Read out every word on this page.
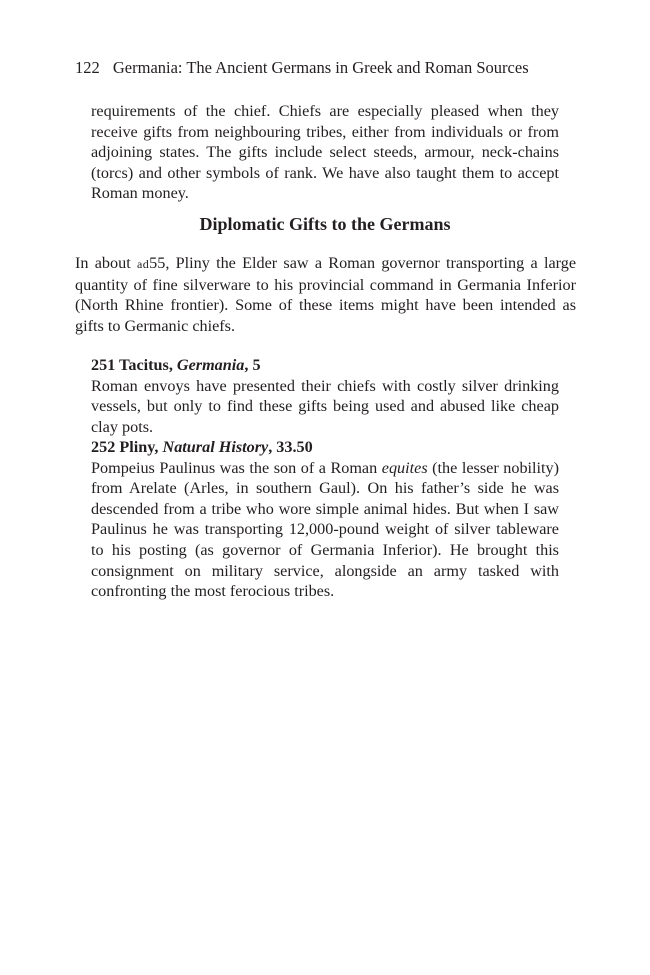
122 Germania: The Ancient Germans in Greek and Roman Sources

requirements of the chief. Chiefs are especially pleased when they receive gifts from neighbouring tribes, either from individuals or from adjoining states. The gifts include select steeds, armour, neck-chains (torcs) and other symbols of rank. We have also taught them to accept Roman money.

Diplomatic Gifts to the Germans

In about ad55, Pliny the Elder saw a Roman governor transporting a large quantity of fine silverware to his provincial command in Germania Inferior (North Rhine frontier). Some of these items might have been intended as gifts to Germanic chiefs.

251 Tacitus, Germania, 5

Roman envoys have presented their chiefs with costly silver drinking vessels, but only to find these gifts being used and abused like cheap clay pots.

252 Pliny, Natural History, 33.50

Pompeius Paulinus was the son of a Roman equites (the lesser nobility) from Arelate (Arles, in southern Gaul). On his father’s side he was descended from a tribe who wore simple animal hides. But when I saw Paulinus he was transporting 12,000-pound weight of silver tableware to his posting (as governor of Germania Inferior). He brought this consignment on military service, alongside an army tasked with confronting the most ferocious tribes.
